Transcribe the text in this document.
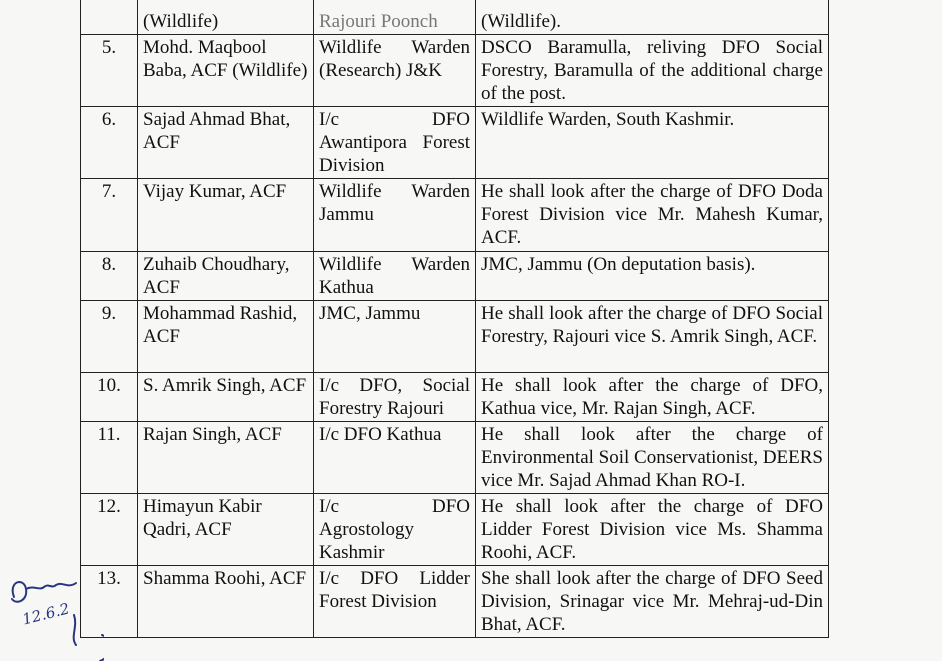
	(Wildlife)	Rajouri Poonch	(Wildlife).
5.	Mohd. Maqbool Baba, ACF (Wildlife)	Wildlife Warden (Research) J&K	DSCO Baramulla, reliving DFO Social Forestry, Baramulla of the additional charge of the post.
6.	Sajad Ahmad Bhat, ACF	I/c DFO Awantipora Forest Division	Wildlife Warden, South Kashmir.
7.	Vijay Kumar, ACF	Wildlife Warden Jammu	He shall look after the charge of DFO Doda Forest Division vice Mr. Mahesh Kumar, ACF.
8.	Zuhaib Choudhary, ACF	Wildlife Warden Kathua	JMC, Jammu (On deputation basis).
9.	Mohammad Rashid, ACF	JMC, Jammu	He shall look after the charge of DFO Social Forestry, Rajouri vice S. Amrik Singh, ACF.
10.	S. Amrik Singh, ACF	I/c DFO, Social Forestry Rajouri	He shall look after the charge of DFO, Kathua vice, Mr. Rajan Singh, ACF.
11.	Rajan Singh, ACF	I/c DFO Kathua	He shall look after the charge of Environmental Soil Conservationist, DEERS vice Mr. Sajad Ahmad Khan RO-I.
12.	Himayun Kabir Qadri, ACF	I/c DFO Agrostology Kashmir	He shall look after the charge of DFO Lidder Forest Division vice Ms. Shamma Roohi, ACF.
13.	Shamma Roohi, ACF	I/c DFO Lidder Forest Division	She shall look after the charge of DFO Seed Division, Srinagar vice Mr. Mehraj-ud-Din Bhat, ACF.
12.6.2
